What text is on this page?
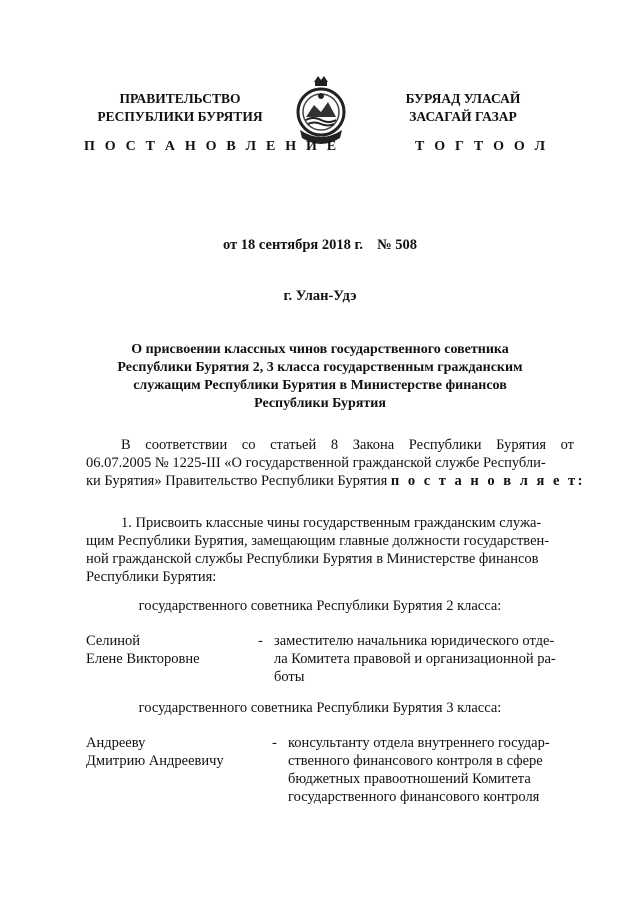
ПРАВИТЕЛЬСТВО
РЕСПУБЛИКИ БУРЯТИЯ
БУРЯАД УЛАСАЙ
ЗАСАГАЙ ГАЗАР
П О С Т А Н О В Л Е Н И Е	Т О Г Т О О Л
от 18 сентября 2018 г. № 508
г. Улан-Удэ
О присвоении классных чинов государственного советника
Республики Бурятия 2, 3 класса государственным гражданским
служащим Республики Бурятия в Министерстве финансов
Республики Бурятия
В соответствии со статьей 8 Закона Республики Бурятия от
06.07.2005 № 1225-III «О государственной гражданской службе Республи-
ки Бурятия» Правительство Республики Бурятия п о с т а н о в л я е т:
1. Присвоить классные чины государственным гражданским служа-
щим Республики Бурятия, замещающим главные должности государствен-
ной гражданской службы Республики Бурятия в Министерстве финансов
Республики Бурятия:
государственного советника Республики Бурятия 2 класса:
Селиной
Елене Викторовне
- заместителю начальника юридического отде-
ла Комитета правовой и организационной ра-
боты
государственного советника Республики Бурятия 3 класса:
Андрееву
Дмитрию Андреевичу
- консультанту отдела внутреннего государ-
ственного финансового контроля в сфере
бюджетных правоотношений Комитета
государственного финансового контроля
